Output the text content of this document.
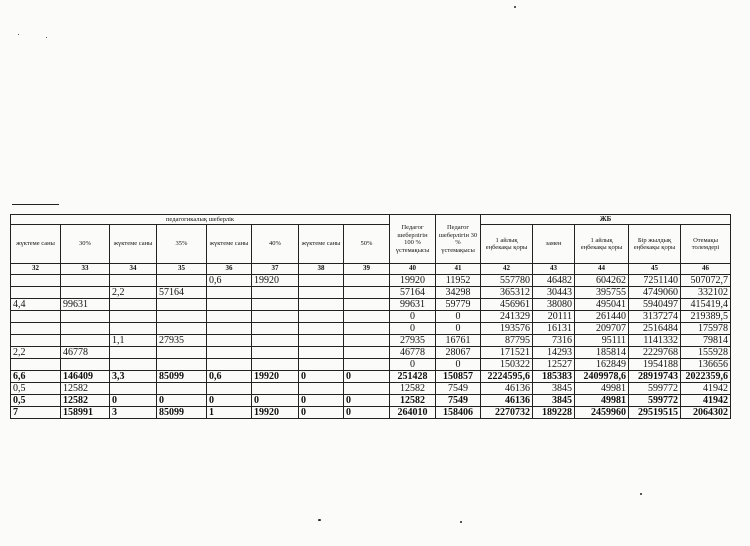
педагогикалық шеберлік								Педагог шеберлігін 100 % үстемақысы	Педагог шеберлігін 30 % үстемақысы	ЖБ				
жүктеме саны	30%	жүктеме саны	35%	жүктеме саны	40%	жүктеме саны	50%			1 айлық еңбекақы қоры	замен	1 айлық еңбекақы қоры	Бір жылдық еңбекақы қоры	Отемақы толемдері
32	33	34	35	36	37	38	39	40	41	42	43	44	45	46
				0,6	19920			19920	11952	557780	46482	604262	7251140	507072,7
		2,2	57164					57164	34298	365312	30443	395755	4749060	332102
4,4	99631							99631	59779	456961	38080	495041	5940497	415419,4
								0	0	241329	20111	261440	3137274	219389,5
								0	0	193576	16131	209707	2516484	175978
		1,1	27935					27935	16761	87795	7316	95111	1141332	79814
2,2	46778							46778	28067	171521	14293	185814	2229768	155928
								0	0	150322	12527	162849	1954188	136656
6,6	146409	3,3	85099	0,6	19920	0	0	251428	150857	2224595,6	185383	2409978,6	28919743	2022359,6
0,5	12582							12582	7549	46136	3845	49981	599772	41942
0,5	12582	0	0	0	0	0	0	12582	7549	46136	3845	49981	599772	41942
7	158991	3	85099	1	19920	0	0	264010	158406	2270732	189228	2459960	29519515	2064302
